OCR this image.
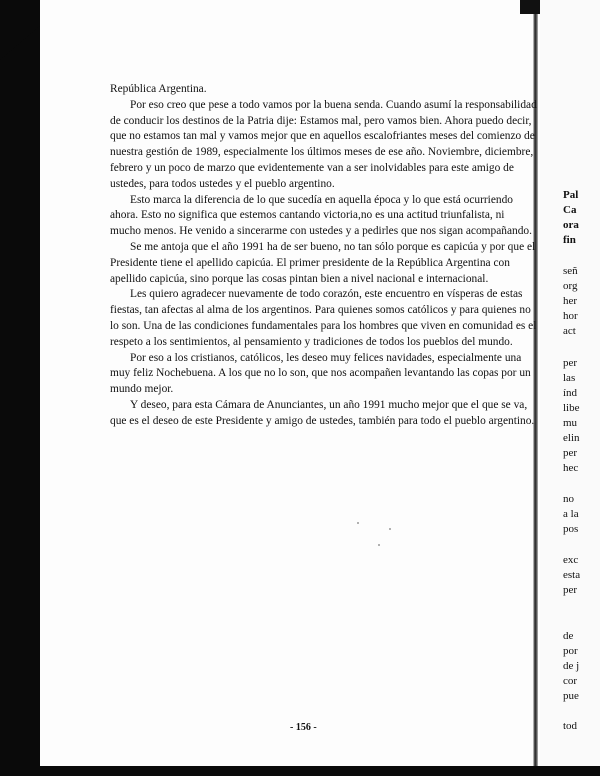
República Argentina.

Por eso creo que pese a todo vamos por la buena senda. Cuando asumí la responsabilidad de conducir los destinos de la Patria dije: Estamos mal, pero vamos bien. Ahora puedo decir, que no estamos tan mal y vamos mejor que en aquellos escalofriantes meses del comienzo de nuestra gestión de 1989, especialmente los últimos meses de ese año. Noviembre, diciembre, febrero y un poco de marzo que evidentemente van a ser inolvidables para este amigo de ustedes, para todos ustedes y el pueblo argentino.

Esto marca la diferencia de lo que sucedía en aquella época y lo que está ocurriendo ahora. Esto no significa que estemos cantando victoria,no es una actitud triunfalista, ni mucho menos. He venido a sincerarme con ustedes y a pedirles que nos sigan acompañando.

Se me antoja que el año 1991 ha de ser bueno, no tan sólo porque es capicúa y por que el Presidente tiene el apellido capicúa. El primer presidente de la República Argentina con apellido capicúa, sino porque las cosas pintan bien a nivel nacional e internacional.

Les quiero agradecer nuevamente de todo corazón, este encuentro en vísperas de estas fiestas, tan afectas al alma de los argentinos. Para quienes somos católicos y para quienes no lo son. Una de las condiciones fundamentales para los hombres que viven en comunidad es el respeto a los sentimientos, al pensamiento y tradiciones de todos los pueblos del mundo.

Por eso a los cristianos, católicos, les deseo muy felices navidades, especialmente una muy feliz Nochebuena. A los que no lo son, que nos acompañen levantando las copas por un mundo mejor.

Y deseo, para esta Cámara de Anunciantes, un año 1991 mucho mejor que el que se va, que es el deseo de este Presidente y amigo de ustedes, también para todo el pueblo argentino.

- 156 -
Pal
Ca
ora
fin
señ
org
her
hor
act
per
las
índ
libe
mu
elin
per
hec
no
a la
pos
exc
esta
per
de
por
de j
cor
pue
tod
